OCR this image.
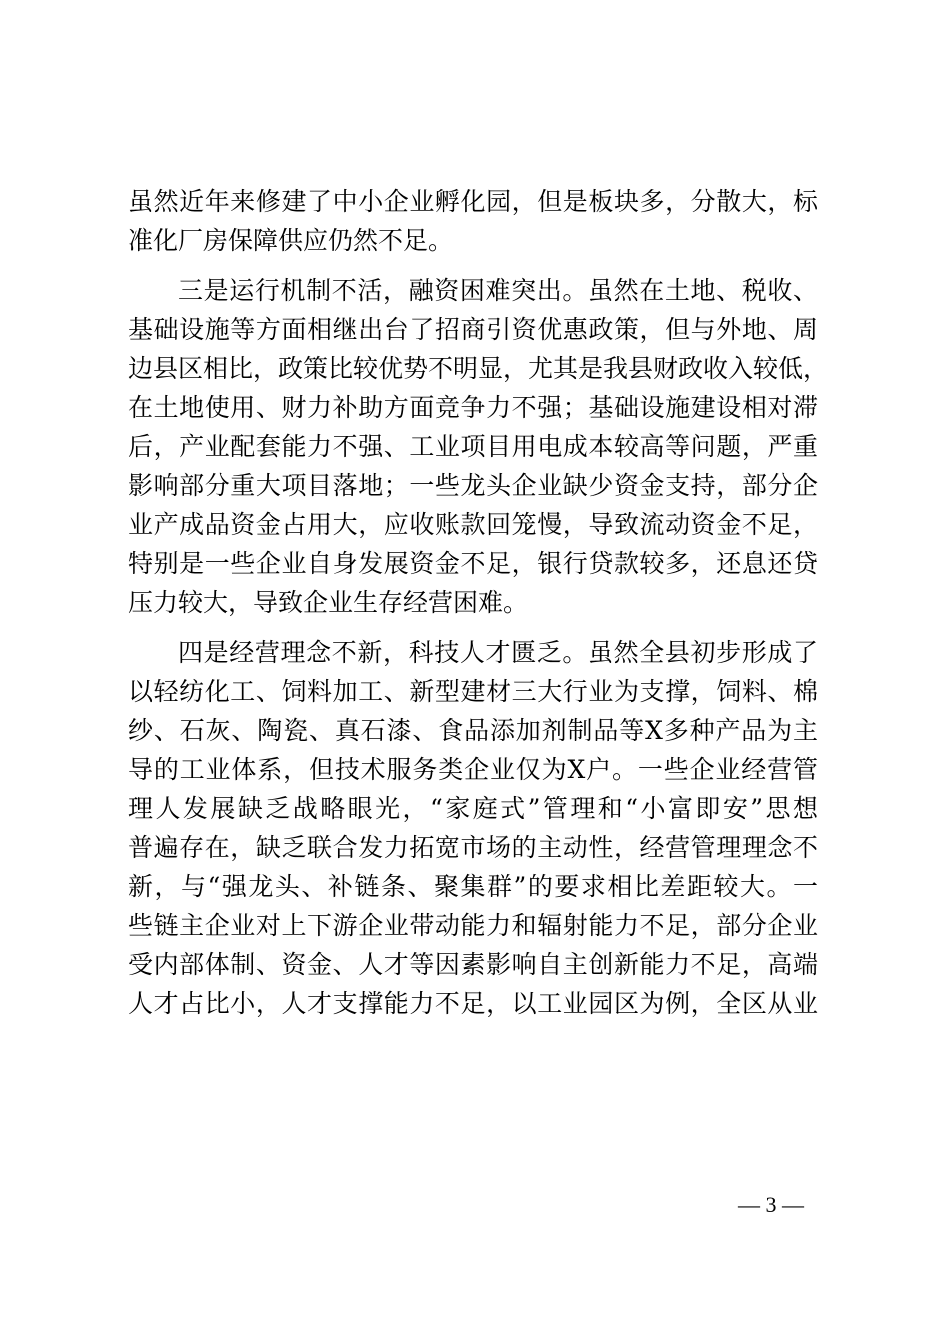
虽然近年来修建了中小企业孵化园，但是板块多，分散大，标
准化厂房保障供应仍然不足。
三是运行机制不活，融资困难突出。虽然在土地、税收、
基础设施等方面相继出台了招商引资优惠政策，但与外地、周
边县区相比，政策比较优势不明显，尤其是我县财政收入较低，
在土地使用、财力补助方面竞争力不强；基础设施建设相对滞
后，产业配套能力不强、工业项目用电成本较高等问题，严重
影响部分重大项目落地；一些龙头企业缺少资金支持，部分企
业产成品资金占用大，应收账款回笼慢，导致流动资金不足，
特别是一些企业自身发展资金不足，银行贷款较多，还息还贷
压力较大，导致企业生存经营困难。
四是经营理念不新，科技人才匮乏。虽然全县初步形成了
以轻纺化工、饲料加工、新型建材三大行业为支撑，饲料、棉
纱、石灰、陶瓷、真石漆、食品添加剂制品等X多种产品为主
导的工业体系，但技术服务类企业仅为X户。一些企业经营管
理人发展缺乏战略眼光，“家庭式”管理和“小富即安”思想
普遍存在，缺乏联合发力拓宽市场的主动性，经营管理理念不
新，与“强龙头、补链条、聚集群”的要求相比差距较大。一
些链主企业对上下游企业带动能力和辐射能力不足，部分企业
受内部体制、资金、人才等因素影响自主创新能力不足，高端
人才占比小，人才支撑能力不足，以工业园区为例，全区从业
— 3 —
